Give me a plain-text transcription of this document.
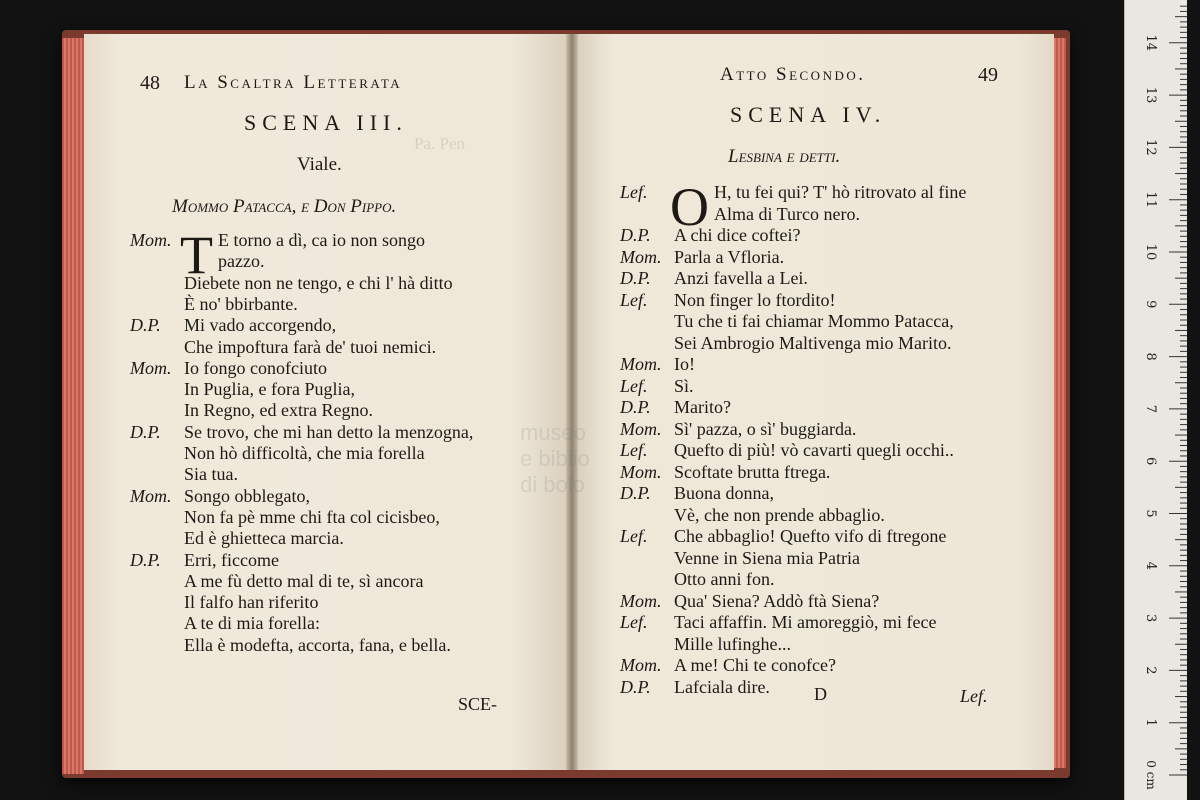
Pa. Pen
48 La Scaltra Letterata
SCENA III.
Viale.
Mommo Patacca, e Don Pippo.
Mom. T E torno a dì, ca io non songo
pazzo.
Diebete non ne tengo, e chi l' hà ditto
È no' bbirbante.
D.P. Mi vado accorgendo,
Che impoftura farà de' tuoi nemici.
Mom. Io fongo conofciuto
In Puglia, e fora Puglia,
In Regno, ed extra Regno.
D.P. Se trovo, che mi han detto la menzogna,
Non hò difficoltà, che mia forella
Sia tua.
Mom. Songo obblegato,
Non fa pè mme chi fta col cicisbeo,
Ed è ghietteca marcia.
D.P. Erri, ficcome
A me fù detto mal di te, sì ancora
Il falfo han riferito
A te di mia forella:
Ella è modefta, accorta, fana, e bella.
SCE-
Atto Secondo.	49
SCENA IV.
Lesbina e detti.
Lef. O H, tu fei qui? T' hò ritrovato al fine
Alma di Turco nero.
D.P. A chi dice coftei?
Mom. Parla a Vfloria.
D.P. Anzi favella a Lei.
Lef. Non finger lo ftordito!
Tu che ti fai chiamar Mommo Patacca,
Sei Ambrogio Maltivenga mio Marito.
Mom. Io!
Lef. Sì.
D.P. Marito?
Mom. Sì' pazza, o sì' buggiarda.
Lef. Quefto di più! vò cavarti quegli occhi..
Mom. Scoftate brutta ftrega.
D.P. Buona donna,
Vè, che non prende abbaglio.
Lef. Che abbaglio! Quefto vifo di ftregone
Venne in Siena mia Patria
Otto anni fon.
Mom. Qua' Siena? Addò ftà Siena?
Lef. Taci affaffin. Mi amoreggiò, mi fece
Mille lufinghe...
Mom. A me! Chi te conofce?
D.P. Lafciala dire. D	Lef.
museo
e biblio
di bolo
1
2
3
4
5
6
7
8
9
10
11
12
13
14
0 cm
